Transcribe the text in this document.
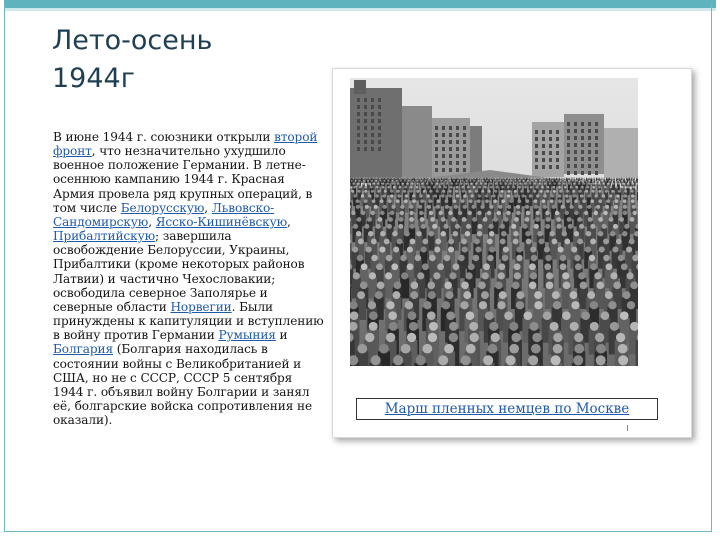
Лето-осень
1944г
В июне 1944 г. союзники открыли второй фронт, что незначительно ухудшило военное положение Германии. В летне-осеннюю кампанию 1944 г. Красная Армия провела ряд крупных операций, в том числе Белорусскую, Львовско-Сандомирскую, Ясско-Кишинёвскую, Прибалтийскую; завершила освобождение Белоруссии, Украины, Прибалтики (кроме некоторых районов Латвии) и частично Чехословакии; освободила северное Заполярье и северные области Норвегии. Были принуждены к капитуляции и вступлению в войну против Германии Румыния и Болгария (Болгария находилась в состоянии войны с Великобританией и США, но не с СССР, СССР 5 сентября 1944 г. объявил войну Болгарии и занял её, болгарские войска сопротивления не оказали).
Марш пленных немцев по Москве
